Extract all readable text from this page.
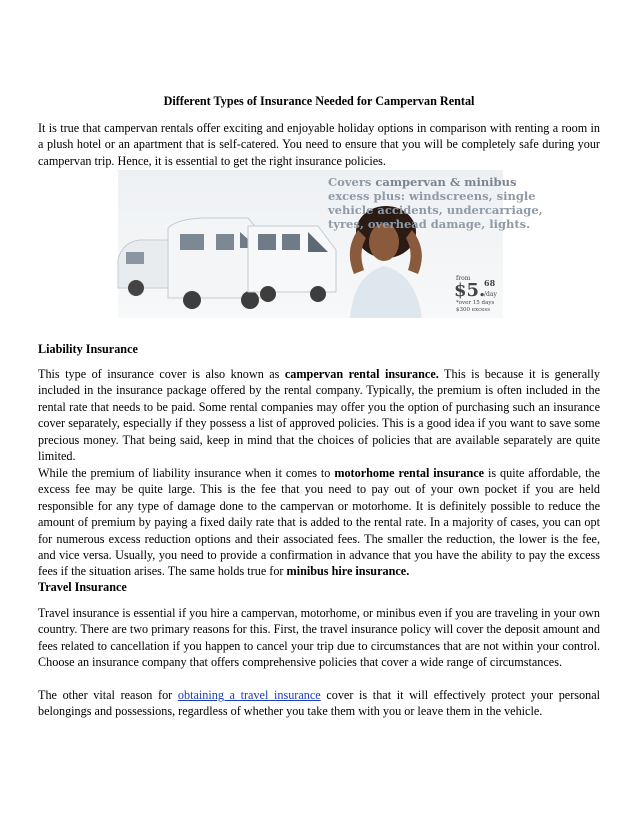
Different Types of Insurance Needed for Campervan Rental

It is true that campervan rentals offer exciting and enjoyable holiday options in comparison with renting a room in a plush hotel or an apartment that is self-catered. You need to ensure that you will be completely safe during your campervan trip. Hence, it is essential to get the right insurance policies.

Covers campervan & minibus
excess plus: windscreens, single
vehicle accidents, undercarriage,
tyres, overhead damage, lights.
from
$5.
68
/day
*over 15 days
$300 excess
Liability Insurance

This type of insurance cover is also known as campervan rental insurance. This is because it is generally included in the insurance package offered by the rental company. Typically, the premium is often included in the rental rate that needs to be paid. Some rental companies may offer you the option of purchasing such an insurance cover separately, especially if they possess a list of approved policies. This is a good idea if you want to save some precious money. That being said, keep in mind that the choices of policies that are available separately are quite limited.

While the premium of liability insurance when it comes to motorhome rental insurance is quite affordable, the excess fee may be quite large. This is the fee that you need to pay out of your own pocket if you are held responsible for any type of damage done to the campervan or motorhome. It is definitely possible to reduce the amount of premium by paying a fixed daily rate that is added to the rental rate. In a majority of cases, you can opt for numerous excess reduction options and their associated fees. The smaller the reduction, the lower is the fee, and vice versa. Usually, you need to provide a confirmation in advance that you have the ability to pay the excess fees if the situation arises. The same holds true for minibus hire insurance.

Travel Insurance

Travel insurance is essential if you hire a campervan, motorhome, or minibus even if you are traveling in your own country. There are two primary reasons for this. First, the travel insurance policy will cover the deposit amount and fees related to cancellation if you happen to cancel your trip due to circumstances that are not within your control. Choose an insurance company that offers comprehensive policies that cover a wide range of circumstances.

The other vital reason for obtaining a travel insurance cover is that it will effectively protect your personal belongings and possessions, regardless of whether you take them with you or leave them in the vehicle.
